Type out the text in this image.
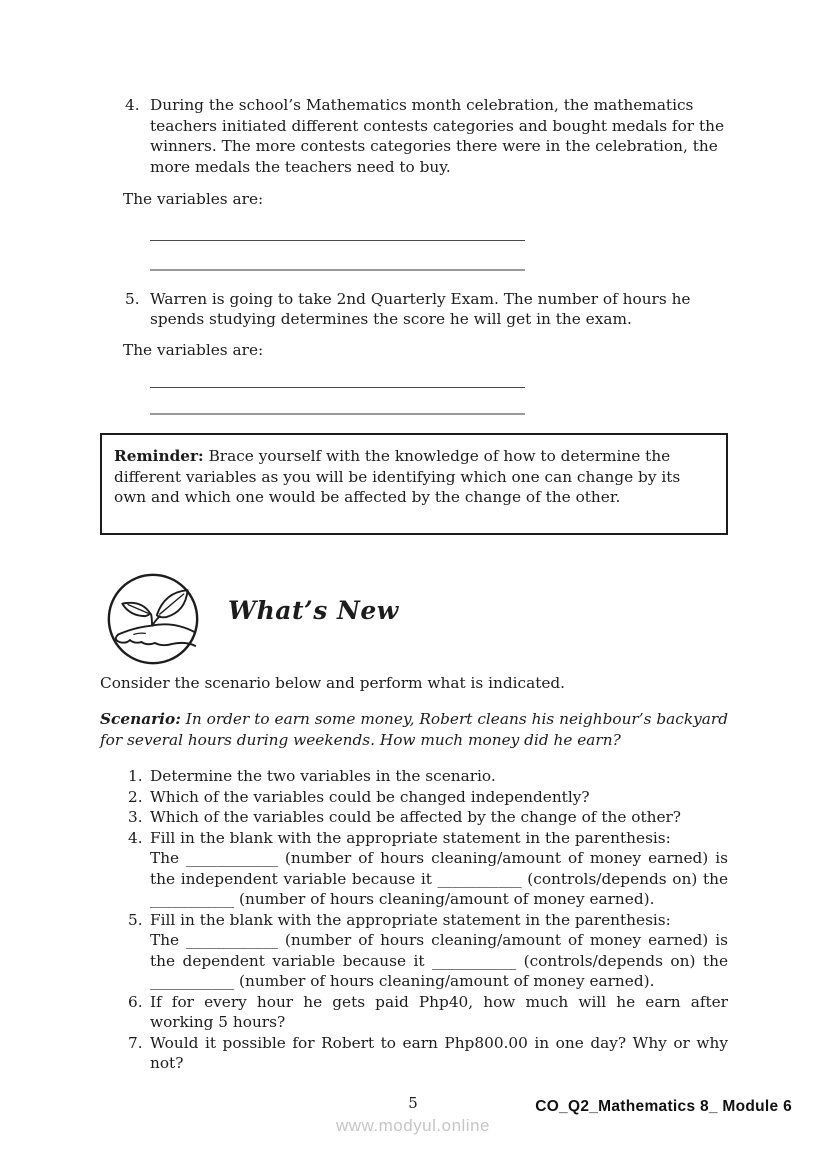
4. During the school’s Mathematics month celebration, the mathematics teachers initiated different contests categories and bought medals for the winners. The more contests categories there were in the celebration, the more medals the teachers need to buy.
The variables are:
5. Warren is going to take 2nd Quarterly Exam. The number of hours he spends studying determines the score he will get in the exam.
The variables are:
Reminder: Brace yourself with the knowledge of how to determine the different variables as you will be identifying which one can change by its own and which one would be affected by the change of the other.
What’s New

Consider the scenario below and perform what is indicated.

Scenario: In order to earn some money, Robert cleans his neighbour’s backyard for several hours during weekends. How much money did he earn?

1. Determine the two variables in the scenario.
2. Which of the variables could be changed independently?
3. Which of the variables could be affected by the change of the other?
4. Fill in the blank with the appropriate statement in the parenthesis:
The ____________ (number of hours cleaning/amount of money earned) is the independent variable because it ___________ (controls/depends on) the ___________ (number of hours cleaning/amount of money earned).
5. Fill in the blank with the appropriate statement in the parenthesis:
The ____________ (number of hours cleaning/amount of money earned) is the dependent variable because it ___________ (controls/depends on) the ___________ (number of hours cleaning/amount of money earned).
6. If for every hour he gets paid Php40, how much will he earn after working 5 hours?
7. Would it possible for Robert to earn Php800.00 in one day? Why or why not?
5
www.modyul.online
CO_Q2_Mathematics 8_ Module 6
